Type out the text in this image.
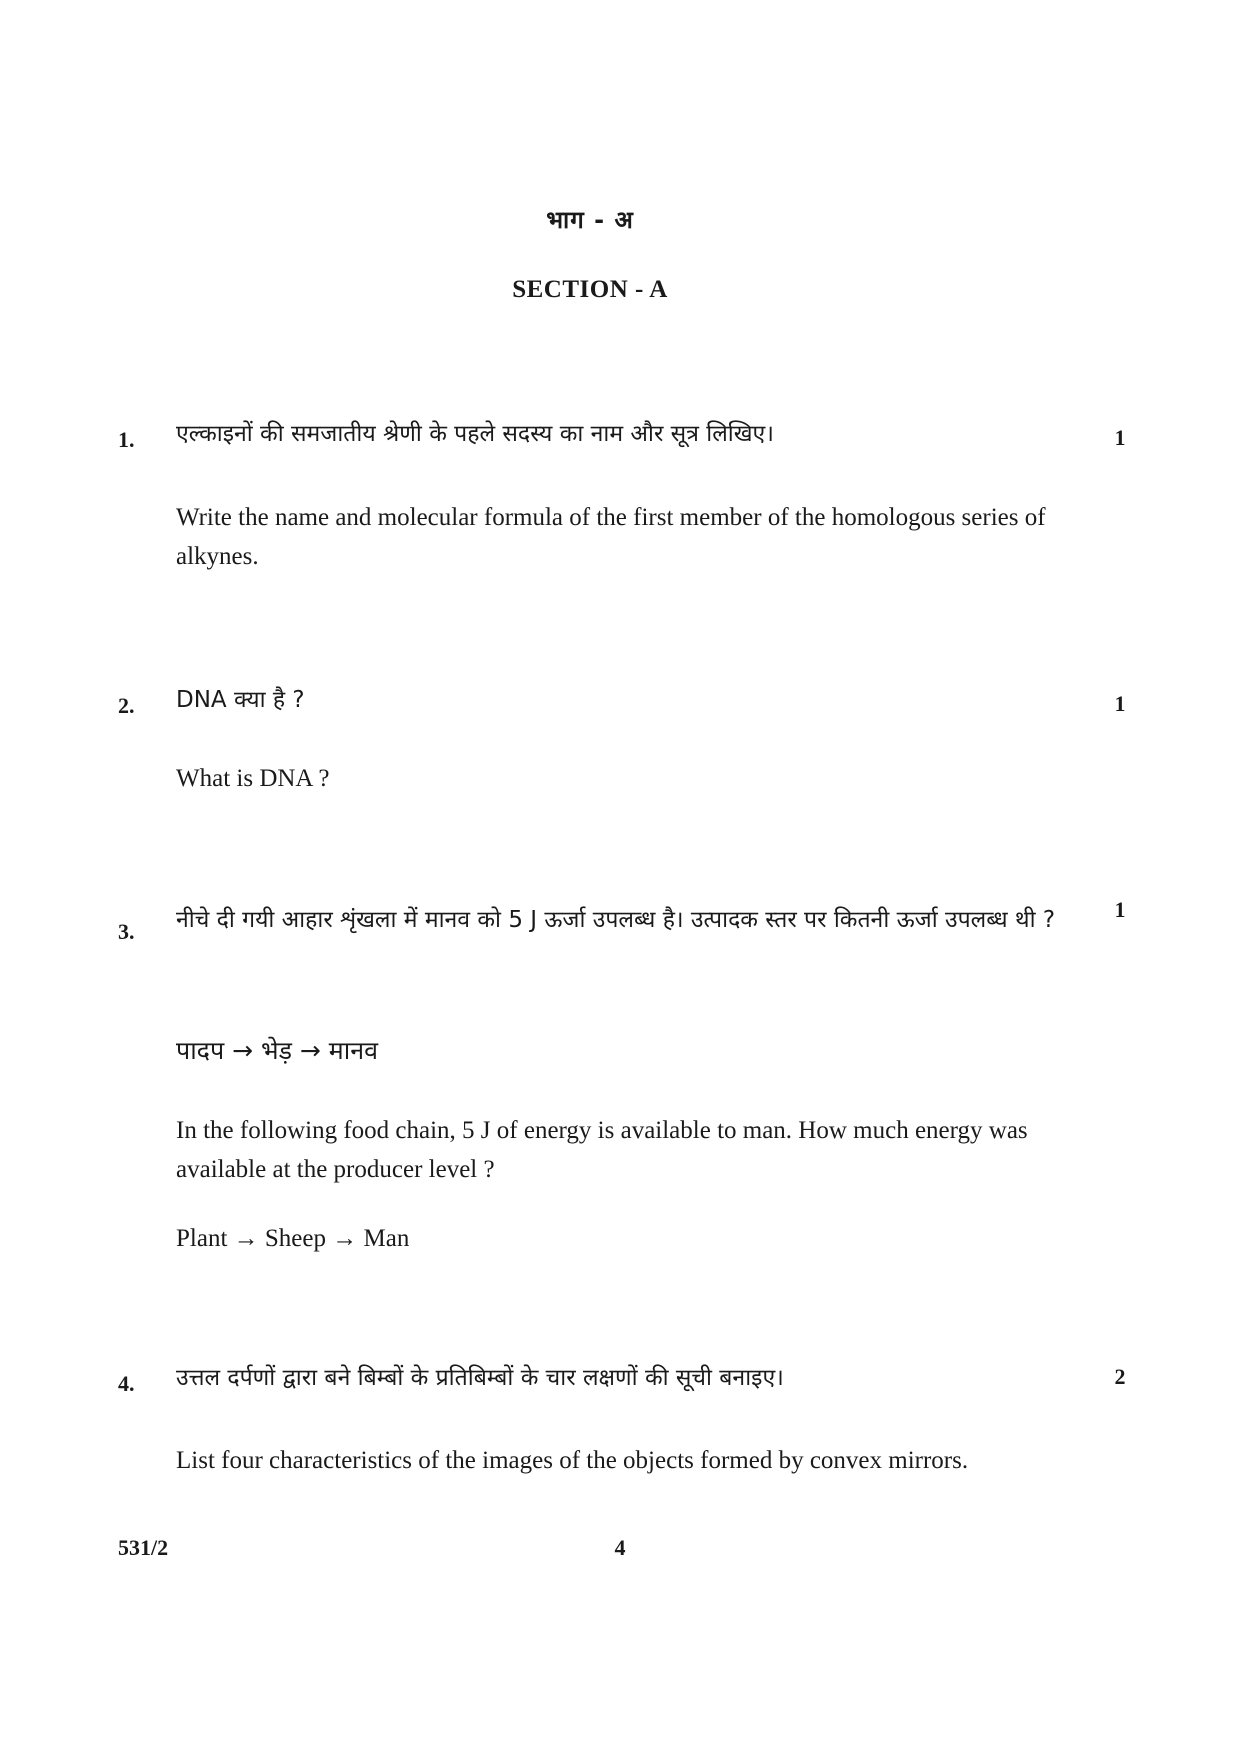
भाग - अ
SECTION - A
1. एल्काइनों की समजातीय श्रेणी के पहले सदस्य का नाम और सूत्र लिखिए।	1
Write the name and molecular formula of the first member of the homologous series of alkynes.
2. DNA क्या है ?	1
What is DNA ?
3. नीचे दी गयी आहार शृंखला में मानव को 5 J ऊर्जा उपलब्ध है। उत्पादक स्तर पर कितनी ऊर्जा उपलब्ध थी ?	1
पादप → भेड़ → मानव
In the following food chain, 5 J of energy is available to man. How much energy was available at the producer level ?
Plant → Sheep → Man
4. उत्तल दर्पणों द्वारा बने बिम्बों के प्रतिबिम्बों के चार लक्षणों की सूची बनाइए।	2
List four characteristics of the images of the objects formed by convex mirrors.
531/2	4
